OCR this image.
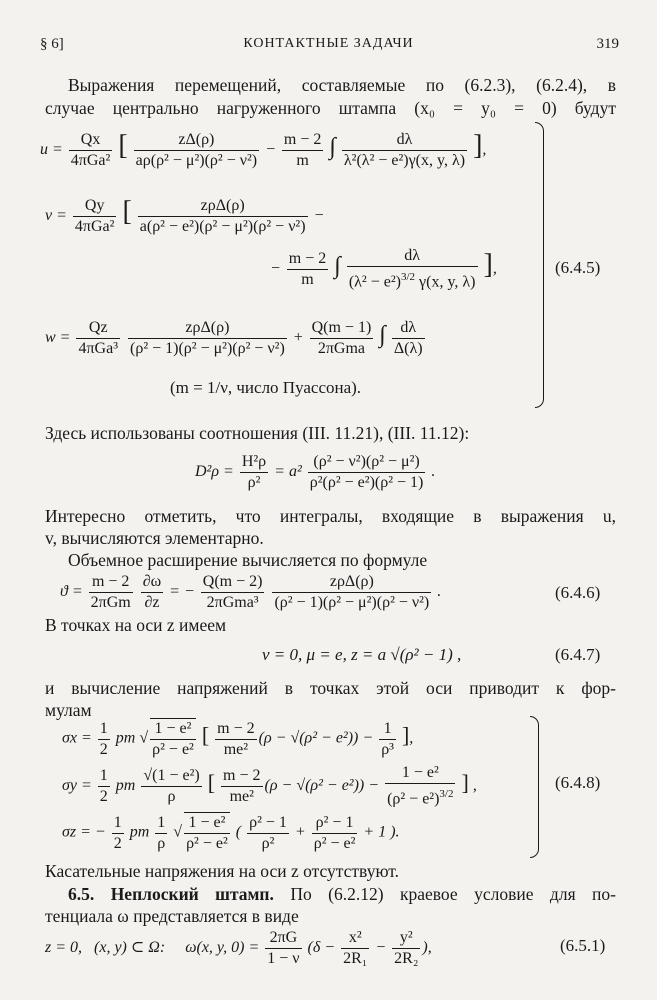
§ 6]	КОНТАКТНЫЕ ЗАДАЧИ	319
Выражения перемещений, составляемые по (6.2.3), (6.2.4), в
случае центрально нагруженного штампа (x₀ = y₀ = 0) будут
$u = \frac{Qx}{\text{4πGa²}}$ [ $\frac{z\Delta(\rho)}{\text{aρ(ρ² − μ²)(ρ² − ν²)}} - \frac{m - 2}{m}$ ∫ $\frac{d\lambda}{\text{λ²(λ² − e²)γ(x, y, λ)}}$ ],
$v = \frac{Qy}{\text{4πGa²}}$ [ $\frac{\text{zρΔ(ρ)}}{\text{a(ρ² − e²)(ρ² − μ²)(ρ² − ν²)}}$ −
− $\frac{m - 2}{m}$ ∫ $\frac{d\lambda}{(\lambda^2 - e^2)^{3/2} \gamma(x, y, \lambda)}$ ],
$w = \frac{Qz}{\text{4πGa³}}$
$\frac{\text{zρΔ(ρ)}}{\text{(ρ² − 1)(ρ² − μ²)(ρ² − ν²)}} + \frac{Q(m - 1)}{\text{2πGma}}$ ∫ $\frac{d\lambda}{\Delta(\lambda)}$
(m = 1/ν, число Пуассона).
(6.4.5)
Здесь использованы соотношения (III. 11.21), (III. 11.12):
$D^2\rho = \frac{\text{H²ρ}}{\text{ρ²}} = a^2 \frac{\text{(ρ² − ν²)(ρ² − μ²)}}{\text{ρ²(ρ² − e²)(ρ² − 1)}}$ .
Интересно отметить, что интегралы, входящие в выражения u,
v, вычисляются элементарно.
Объемное расширение вычисляется по формуле
$ϑ = \frac{m - 2}{\text{2πGm}}$
$\frac{\partial\omega}{\partial z}$ = − $\frac{Q(m - 2)}{\text{2πGma³}}$
$\frac{\text{zρΔ(ρ)}}{\text{(ρ² − 1)(ρ² − μ²)(ρ² − ν²)}}$ .	(6.4.6)
В точках на оси z имеем
ν = 0, μ = e, z = a √(ρ² − 1) ,	(6.4.7)
и вычисление напряжений в точках этой оси приводит к фор-
мулам
$\sigma x = \frac{1}{2}$ pm √ $\frac{\text{1 − e²}}{\text{ρ² − e²}}$ [ $\frac{m - 2}{\text{me²}} (\rho - √(\rho^2 - e^2)) - \frac{1}{\text{ρ³}}$ ],
$\sigma y = \frac{1}{2}$ pm $\frac{\text{√(1 − e²)}}{\rho}$ [ $\frac{m - 2}{\text{me²}} (\rho - √(\rho^2 - e^2)) - \frac{\text{1 − e²}}{(\rho^2 - e^2)^{3/2}}$ ] ,
σz = − $\frac{1}{2}$ pm $\frac{1}{\rho}$ √ $\frac{\text{1 − e²}}{\text{ρ² − e²}}$ ( $\frac{\text{ρ² − 1}}{\text{ρ²}} + \frac{\text{ρ² − 1}}{\text{ρ² − e²}} + 1$ ).
(6.4.8)
Касательные напряжения на оси z отсутствуют.
6.5. Неплоский штамп. По (6.2.12) краевое условие для по-
тенциала ω представляется в виде
z = 0,   (x, y) ⊂ Ω:     ω(x, y, $0) = \frac{2\pi G}{1 - \nu} (\delta - \frac{\text{x²}}{\text{2R₁}} - \frac{\text{y²}}{\text{2R₂}}$ ),	(6.5.1)
